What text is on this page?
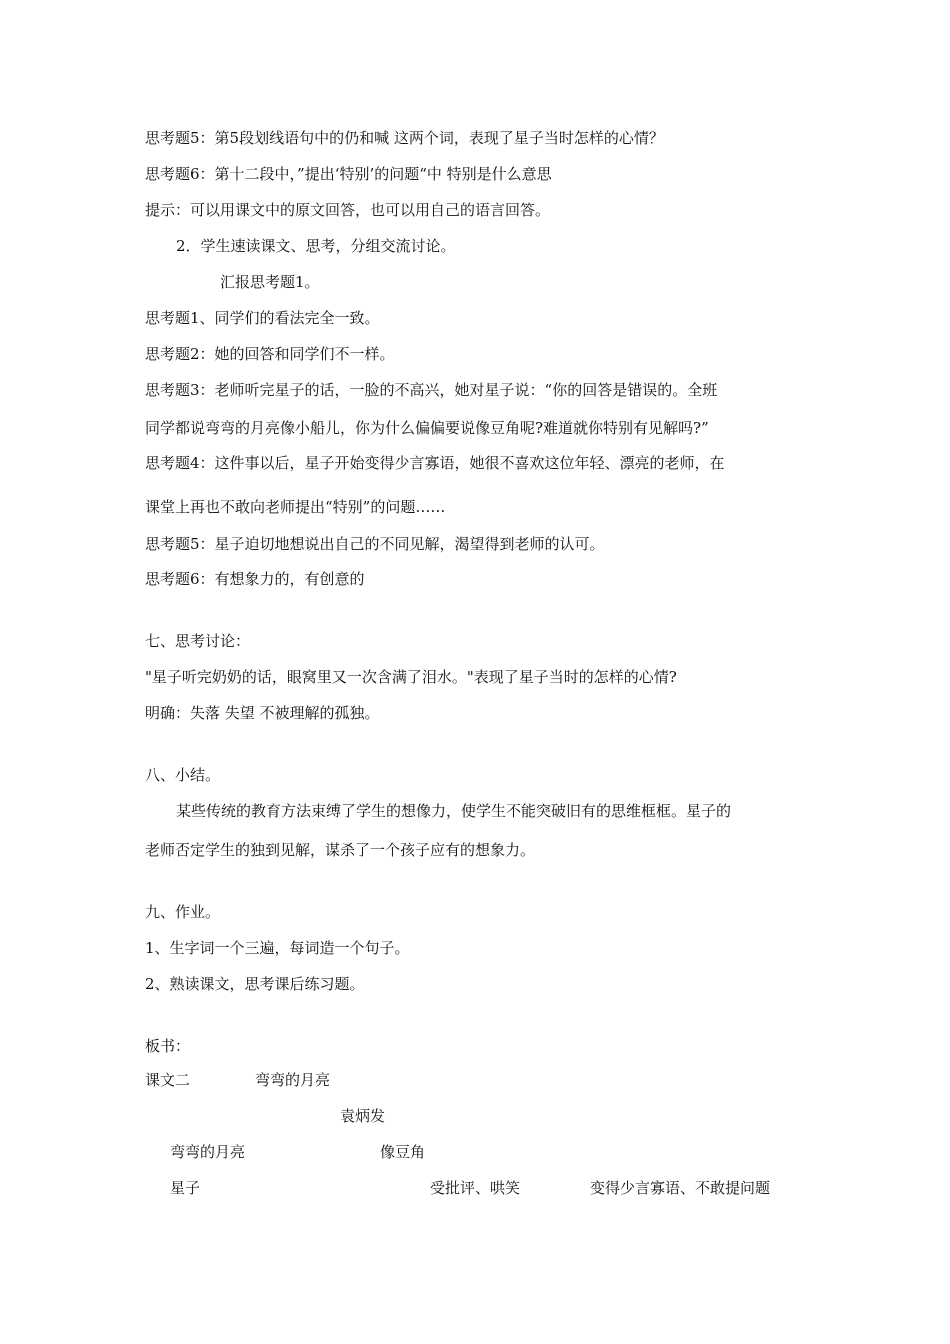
思考题5：第5段划线语句中的仍和喊 这两个词，表现了星子当时怎样的心情？
思考题6：第十二段中，”提出‘特别’的问题“中 特别是什么意思
提示：可以用课文中的原文回答，也可以用自己的语言回答。
2．学生速读课文、思考，分组交流讨论。
汇报思考题1。
思考题1、同学们的看法完全一致。
思考题2：她的回答和同学们不一样。
思考题3：老师听完星子的话，一脸的不高兴，她对星子说：“你的回答是错误的。全班
同学都说弯弯的月亮像小船儿，你为什么偏偏要说像豆角呢?难道就你特别有见解吗?”
思考题4：这件事以后，星子开始变得少言寡语，她很不喜欢这位年轻、漂亮的老师，在
课堂上再也不敢向老师提出“特别”的问题……
思考题5：星子迫切地想说出自己的不同见解，渴望得到老师的认可。
思考题6：有想象力的，有创意的
七、思考讨论：
"星子听完奶奶的话，眼窝里又一次含满了泪水。"表现了星子当时的怎样的心情?
明确：失落 失望 不被理解的孤独。
八、小结。
某些传统的教育方法束缚了学生的想像力，使学生不能突破旧有的思维框框。星子的
老师否定学生的独到见解，谋杀了一个孩子应有的想象力。
九、作业。
1、生字词一个三遍，每词造一个句子。
2、熟读课文，思考课后练习题。
板书：
课文二	弯弯的月亮
袁炳发
弯弯的月亮	像豆角
星子	受批评、哄笑	变得少言寡语、不敢提问题
